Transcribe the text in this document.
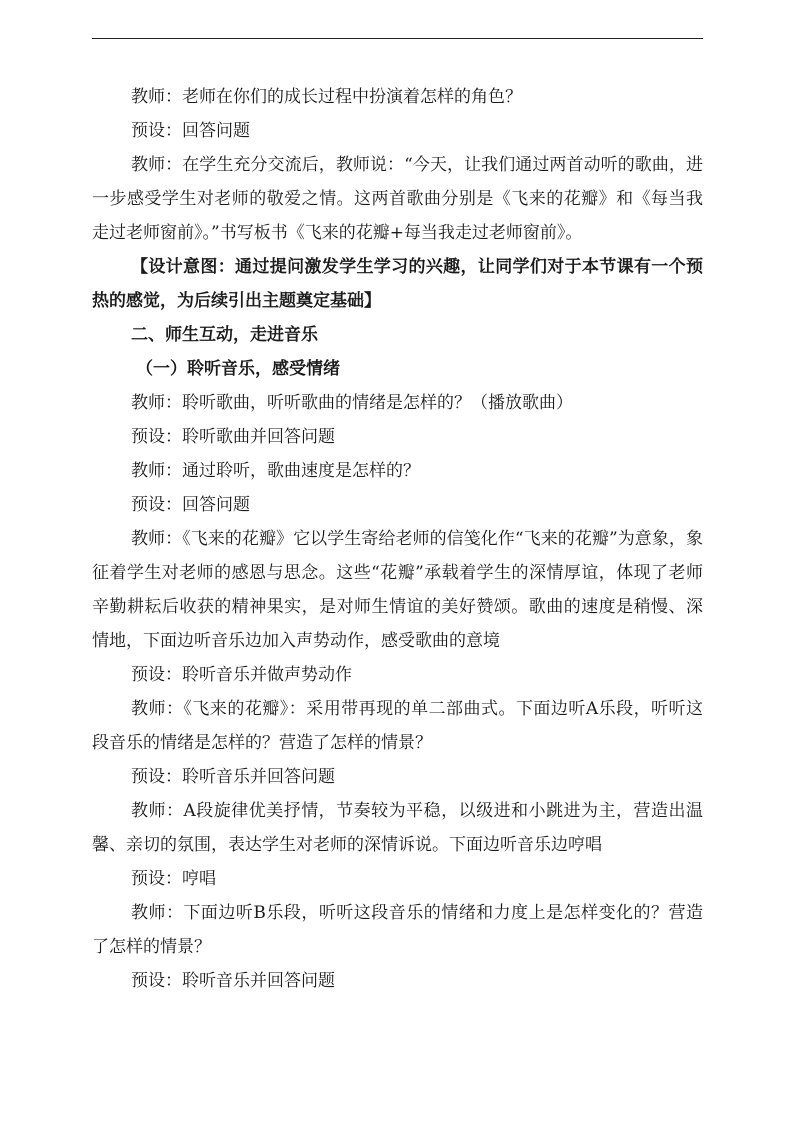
教师：老师在你们的成长过程中扮演着怎样的角色？

预设：回答问题

教师：在学生充分交流后，教师说：“今天，让我们通过两首动听的歌曲，进一步感受学生对老师的敬爱之情。这两首歌曲分别是《飞来的花瓣》和《每当我走过老师窗前》。”书写板书《飞来的花瓣+每当我走过老师窗前》。

【设计意图：通过提问激发学生学习的兴趣，让同学们对于本节课有一个预热的感觉，为后续引出主题奠定基础】

二、师生互动，走进音乐

（一）聆听音乐，感受情绪

教师：聆听歌曲，听听歌曲的情绪是怎样的？（播放歌曲）

预设：聆听歌曲并回答问题

教师：通过聆听，歌曲速度是怎样的？

预设：回答问题

教师：《飞来的花瓣》它以学生寄给老师的信笺化作“飞来的花瓣”为意象，象征着学生对老师的感恩与思念。这些“花瓣”承载着学生的深情厚谊，体现了老师辛勤耕耘后收获的精神果实，是对师生情谊的美好赞颂。歌曲的速度是稍慢、深情地，下面边听音乐边加入声势动作，感受歌曲的意境

预设：聆听音乐并做声势动作

教师：《飞来的花瓣》：采用带再现的单二部曲式。下面边听A乐段，听听这段音乐的情绪是怎样的？营造了怎样的情景？

预设：聆听音乐并回答问题

教师：A段旋律优美抒情，节奏较为平稳，以级进和小跳进为主，营造出温馨、亲切的氛围，表达学生对老师的深情诉说。下面边听音乐边哼唱

预设：哼唱

教师：下面边听B乐段，听听这段音乐的情绪和力度上是怎样变化的？营造了怎样的情景？

预设：聆听音乐并回答问题
